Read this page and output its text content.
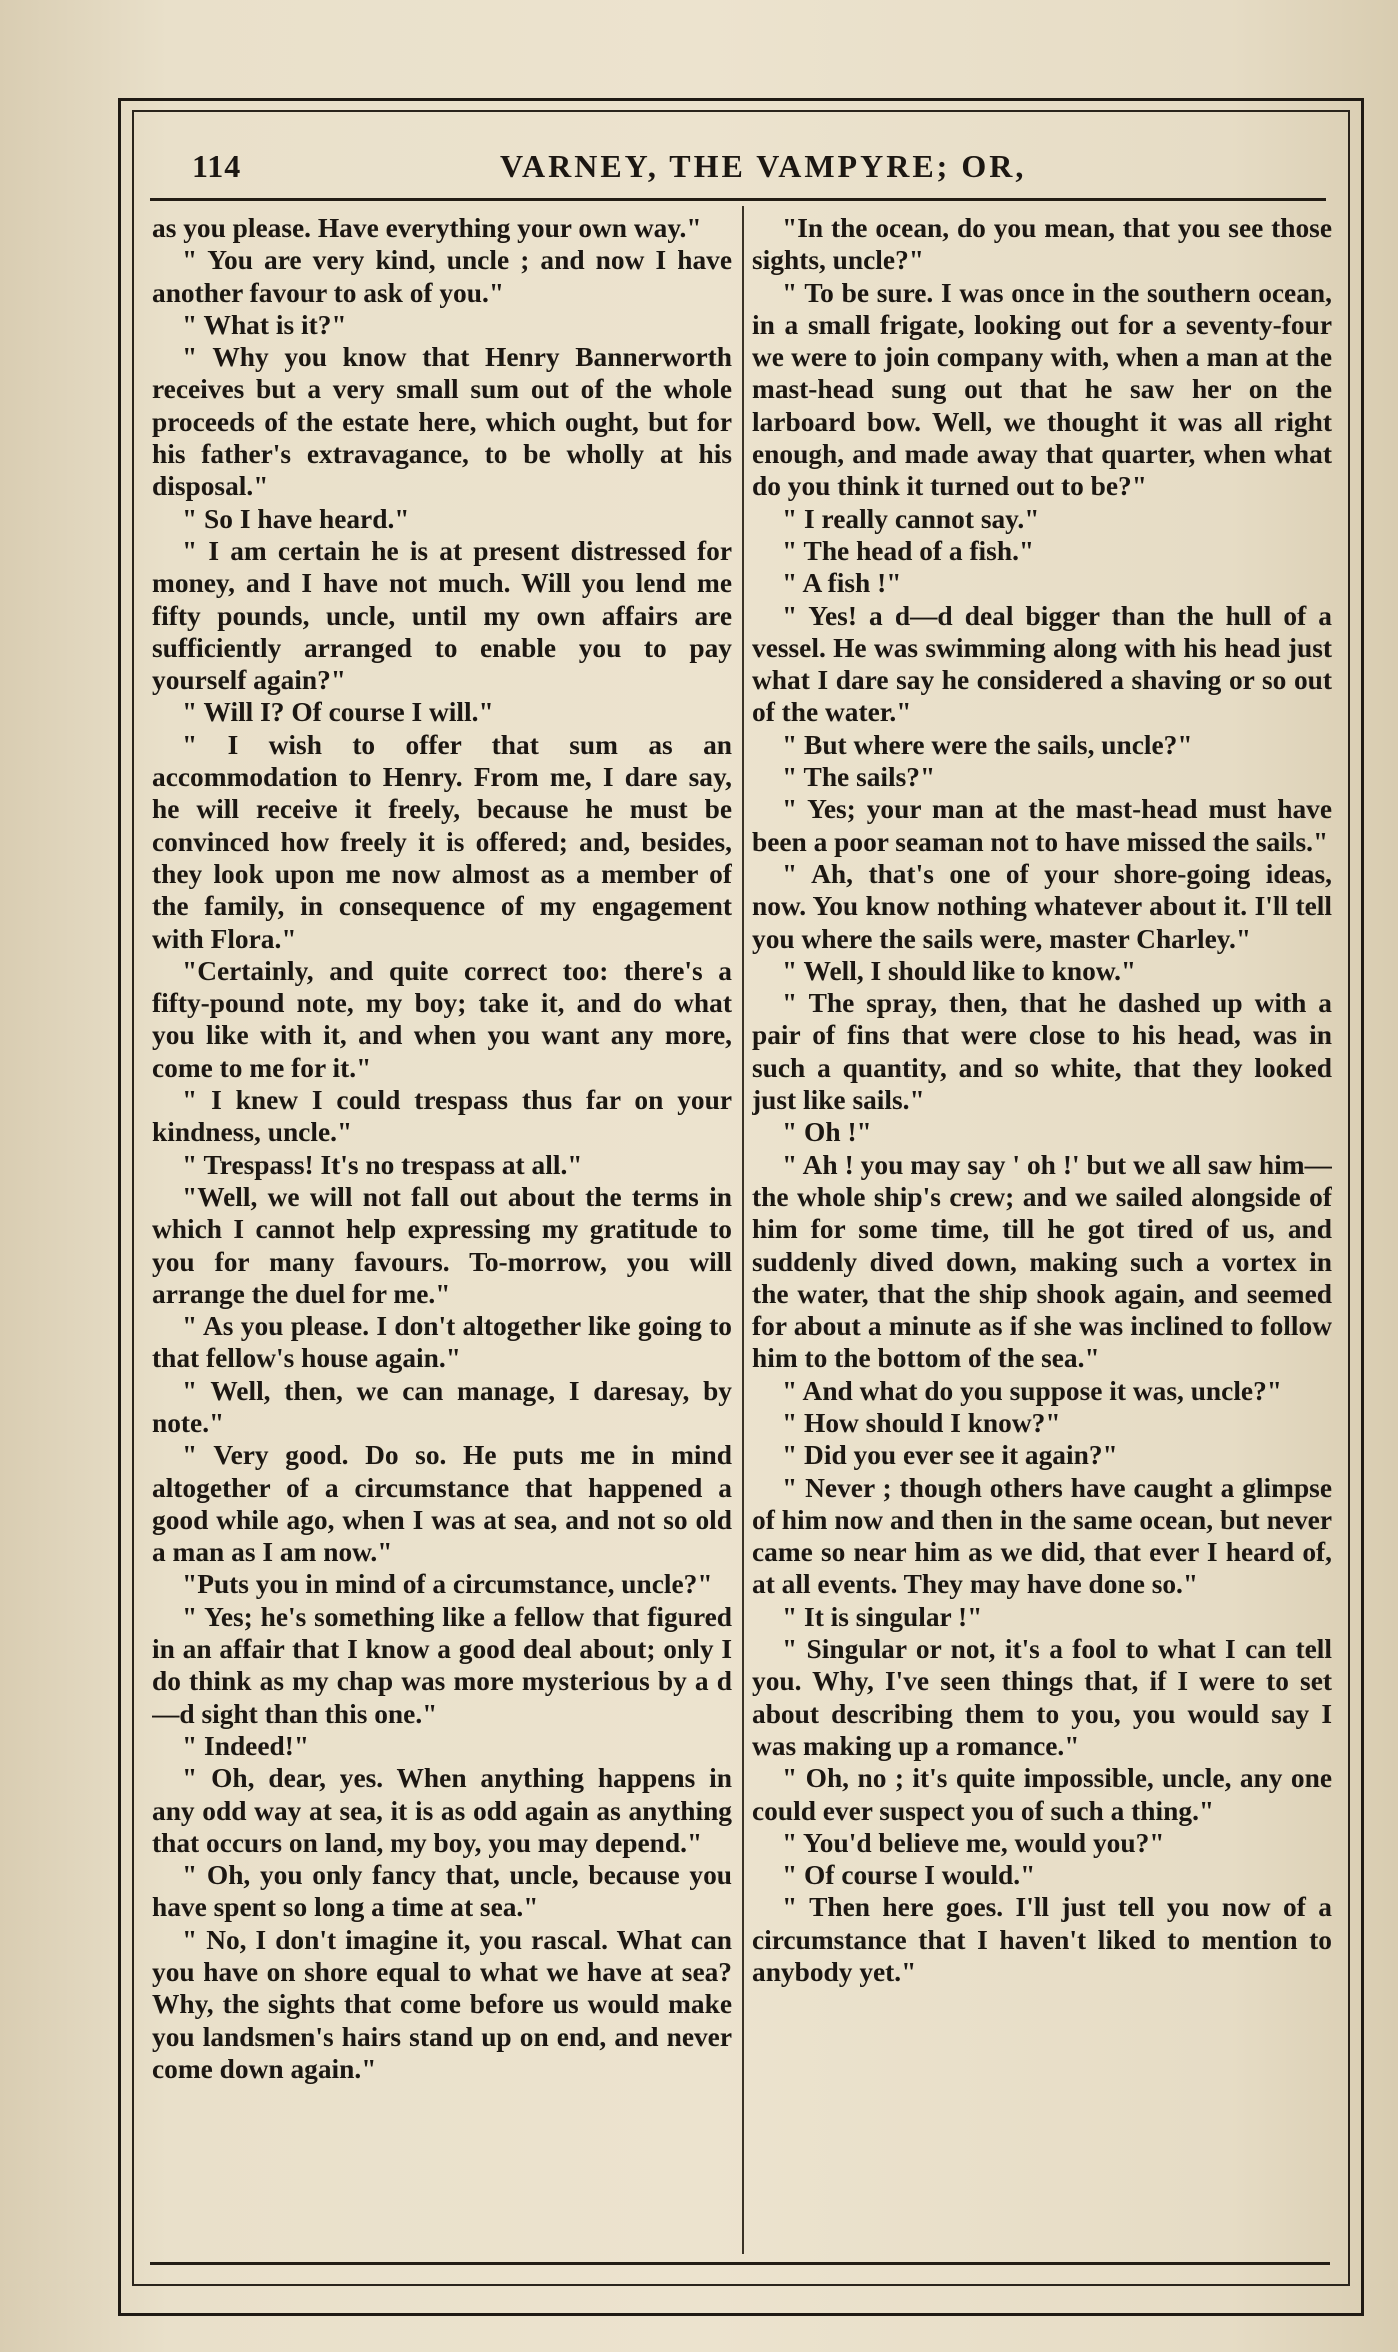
114	VARNEY, THE VAMPYRE; OR,

as you please. Have everything your own way."

" You are very kind, uncle ; and now I have another favour to ask of you."

" What is it?"

" Why you know that Henry Bannerworth receives but a very small sum out of the whole proceeds of the estate here, which ought, but for his father's extravagance, to be wholly at his disposal."

" So I have heard."

" I am certain he is at present distressed for money, and I have not much. Will you lend me fifty pounds, uncle, until my own affairs are sufficiently arranged to enable you to pay yourself again?"

" Will I? Of course I will."

" I wish to offer that sum as an accommodation to Henry. From me, I dare say, he will receive it freely, because he must be convinced how freely it is offered; and, besides, they look upon me now almost as a member of the family, in consequence of my engagement with Flora."

"Certainly, and quite correct too: there's a fifty-pound note, my boy; take it, and do what you like with it, and when you want any more, come to me for it."

" I knew I could trespass thus far on your kindness, uncle."

" Trespass! It's no trespass at all."

"Well, we will not fall out about the terms in which I cannot help expressing my gratitude to you for many favours. To-morrow, you will arrange the duel for me."

" As you please. I don't altogether like going to that fellow's house again."

" Well, then, we can manage, I daresay, by note."

" Very good. Do so. He puts me in mind altogether of a circumstance that happened a good while ago, when I was at sea, and not so old a man as I am now."

"Puts you in mind of a circumstance, uncle?"

" Yes; he's something like a fellow that figured in an affair that I know a good deal about; only I do think as my chap was more mysterious by a d—d sight than this one."

" Indeed!"

" Oh, dear, yes. When anything happens in any odd way at sea, it is as odd again as anything that occurs on land, my boy, you may depend."

" Oh, you only fancy that, uncle, because you have spent so long a time at sea."

" No, I don't imagine it, you rascal. What can you have on shore equal to what we have at sea? Why, the sights that come before us would make you landsmen's hairs stand up on end, and never come down again."

"In the ocean, do you mean, that you see those sights, uncle?"

" To be sure. I was once in the southern ocean, in a small frigate, looking out for a seventy-four we were to join company with, when a man at the mast-head sung out that he saw her on the larboard bow. Well, we thought it was all right enough, and made away that quarter, when what do you think it turned out to be?"

" I really cannot say."

" The head of a fish."

" A fish !"

" Yes! a d—d deal bigger than the hull of a vessel. He was swimming along with his head just what I dare say he considered a shaving or so out of the water."

" But where were the sails, uncle?"

" The sails?"

" Yes; your man at the mast-head must have been a poor seaman not to have missed the sails."

" Ah, that's one of your shore-going ideas, now. You know nothing whatever about it. I'll tell you where the sails were, master Charley."

" Well, I should like to know."

" The spray, then, that he dashed up with a pair of fins that were close to his head, was in such a quantity, and so white, that they looked just like sails."

" Oh !"

" Ah ! you may say ' oh !' but we all saw him—the whole ship's crew; and we sailed alongside of him for some time, till he got tired of us, and suddenly dived down, making such a vortex in the water, that the ship shook again, and seemed for about a minute as if she was inclined to follow him to the bottom of the sea."

" And what do you suppose it was, uncle?"

" How should I know?"

" Did you ever see it again?"

" Never ; though others have caught a glimpse of him now and then in the same ocean, but never came so near him as we did, that ever I heard of, at all events. They may have done so."

" It is singular !"

" Singular or not, it's a fool to what I can tell you. Why, I've seen things that, if I were to set about describing them to you, you would say I was making up a romance."

" Oh, no ; it's quite impossible, uncle, any one could ever suspect you of such a thing."

" You'd believe me, would you?"

" Of course I would."

" Then here goes. I'll just tell you now of a circumstance that I haven't liked to mention to anybody yet."
